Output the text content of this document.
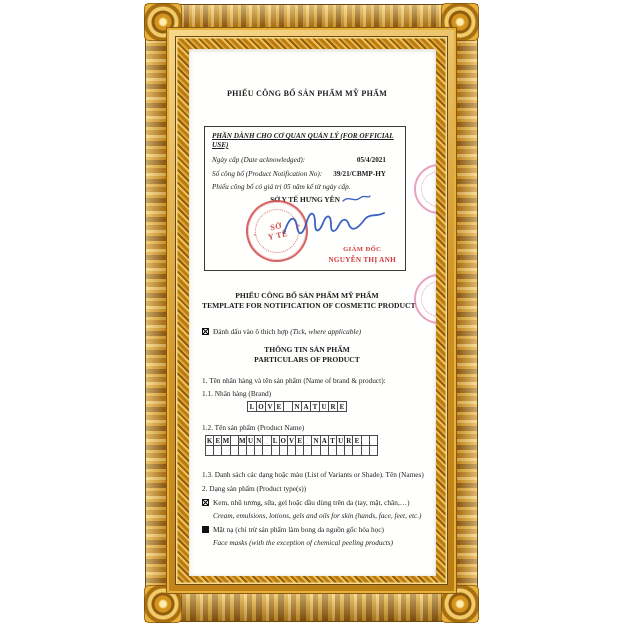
PHIẾU CÔNG BỐ SẢN PHẨM MỸ PHẨM
PHẦN DÀNH CHO CƠ QUAN QUẢN LÝ (FOR OFFICIAL USE)
Ngày cấp (Date acknowledged):	05/4/2021
Số công bố (Product Notification No): 39/21/CBMP-HY
Phiếu công bố có giá trị 05 năm kể từ ngày cấp.
SỞ Y TẾ HƯNG YÊN
* *
SỞ
Y TẾ
GIÁM ĐỐC
NGUYỄN THỊ ANH
PHIẾU CÔNG BỐ SẢN PHẨM MỸ PHẨM
TEMPLATE FOR NOTIFICATION OF COSMETIC PRODUCT
Đánh dấu vào ô thích hợp (Tick, where applicable)
THÔNG TIN SẢN PHẨM
PARTICULARS OF PRODUCT
1. Tên nhãn hàng và tên sản phẩm (Name of brand & product):
1.1. Nhãn hàng (Brand)
L O V E	N A T U R E
1.2. Tên sản phẩm (Product Name)
K E M M U N	L O V E	N A T U R E
1.3. Danh sách các dạng hoặc màu (List of Variants or Shade). Tên (Names)
2. Dạng sản phẩm (Product type(s))
Kem, nhũ tương, sữa, gel hoặc dầu dùng trên da (tay, mặt, chân,…)
Cream, emulsions, lotions, gels and oils for skin (hands, face, feet, etc.)
Mặt nạ (chỉ trừ sản phẩm làm bong da nguồn gốc hóa học)
Face masks (with the exception of chemical peeling products)
